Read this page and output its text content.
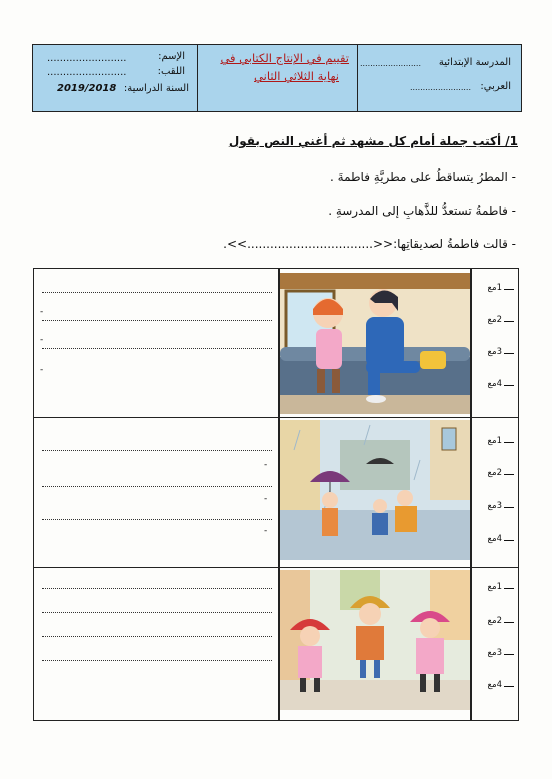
الإسم:
.........................
اللقب:
.........................
السنة الدراسية:
2019/2018
تقييم في الإنتاج الكتابي في
نهاية الثلاثي الثاني
المدرسة الإبتدائية
........................
العربي:
........................
1/ أكتب جملة أمام كل مشهد ثم أغني النص بقول
- المطرُ يتساقطُ على مطريَّةِ فاطمةَ .
- فاطمةُ تستعدُّ للذَّهابِ إلى المدرسةِ .
- قالت فاطمةُ لصديقاتِها:<<.................................>>.
-
-
-
1مع
2مع
3مع
4مع
-
-
-
1مع
2مع
3مع
4مع
1مع
2مع
3مع
4مع
